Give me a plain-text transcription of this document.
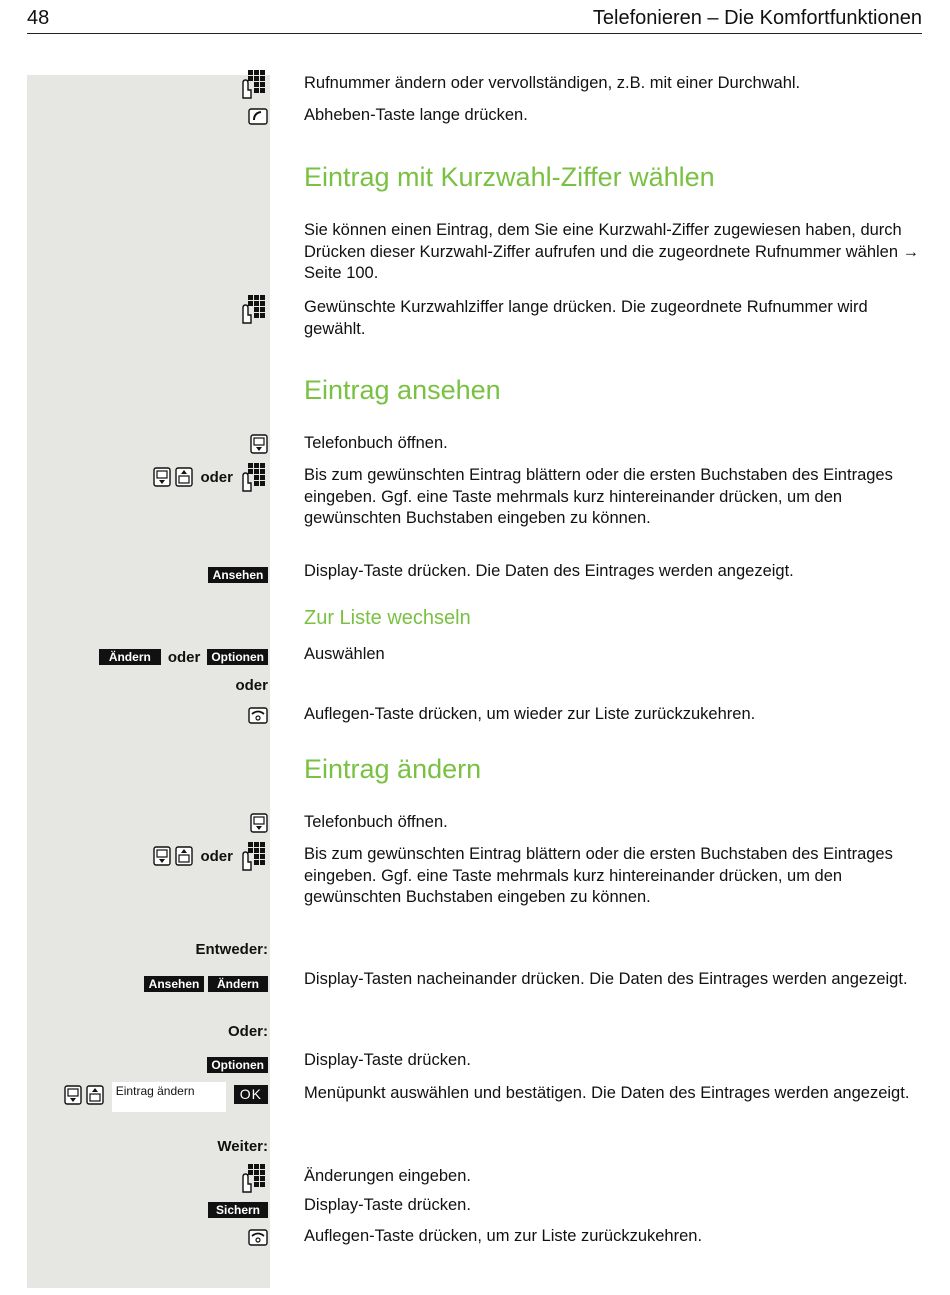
48	Telefonieren – Die Komfortfunktionen
Rufnummer ändern oder vervollständigen, z.B. mit einer Durchwahl.
Abheben-Taste lange drücken.
Eintrag mit Kurzwahl-Ziffer wählen
Sie können einen Eintrag, dem Sie eine Kurzwahl-Ziffer zugewiesen haben, durch Drücken dieser Kurzwahl-Ziffer aufrufen und die zugeordnete Rufnummer wählen → Seite 100.
Gewünschte Kurzwahlziffer lange drücken. Die zugeordnete Rufnummer wird gewählt.
Eintrag ansehen
Telefonbuch öffnen.
oder	Bis zum gewünschten Eintrag blättern oder die ersten Buchstaben des Eintrages eingeben. Ggf. eine Taste mehrmals kurz hintereinander drücken, um den gewünschten Buchstaben eingeben zu können.
Ansehen Display-Taste drücken. Die Daten des Eintrages werden angezeigt.
Zur Liste wechseln
Ändern	oder Optionen Auswählen
oder
Auflegen-Taste drücken, um wieder zur Liste zurückzukehren.
Eintrag ändern
Telefonbuch öffnen.
oder	Bis zum gewünschten Eintrag blättern oder die ersten Buchstaben des Eintrages eingeben. Ggf. eine Taste mehrmals kurz hintereinander drücken, um den gewünschten Buchstaben eingeben zu können.
Entweder:
Ansehen	Ändern	Display-Tasten nacheinander drücken. Die Daten des Eintrages werden angezeigt.
Oder:
Optionen Display-Taste drücken.
Eintrag ändern	OK	Menüpunkt auswählen und bestätigen. Die Daten des Eintrages werden angezeigt.
Weiter:
Änderungen eingeben.
Sichern	Display-Taste drücken.
Auflegen-Taste drücken, um zur Liste zurückzukehren.
